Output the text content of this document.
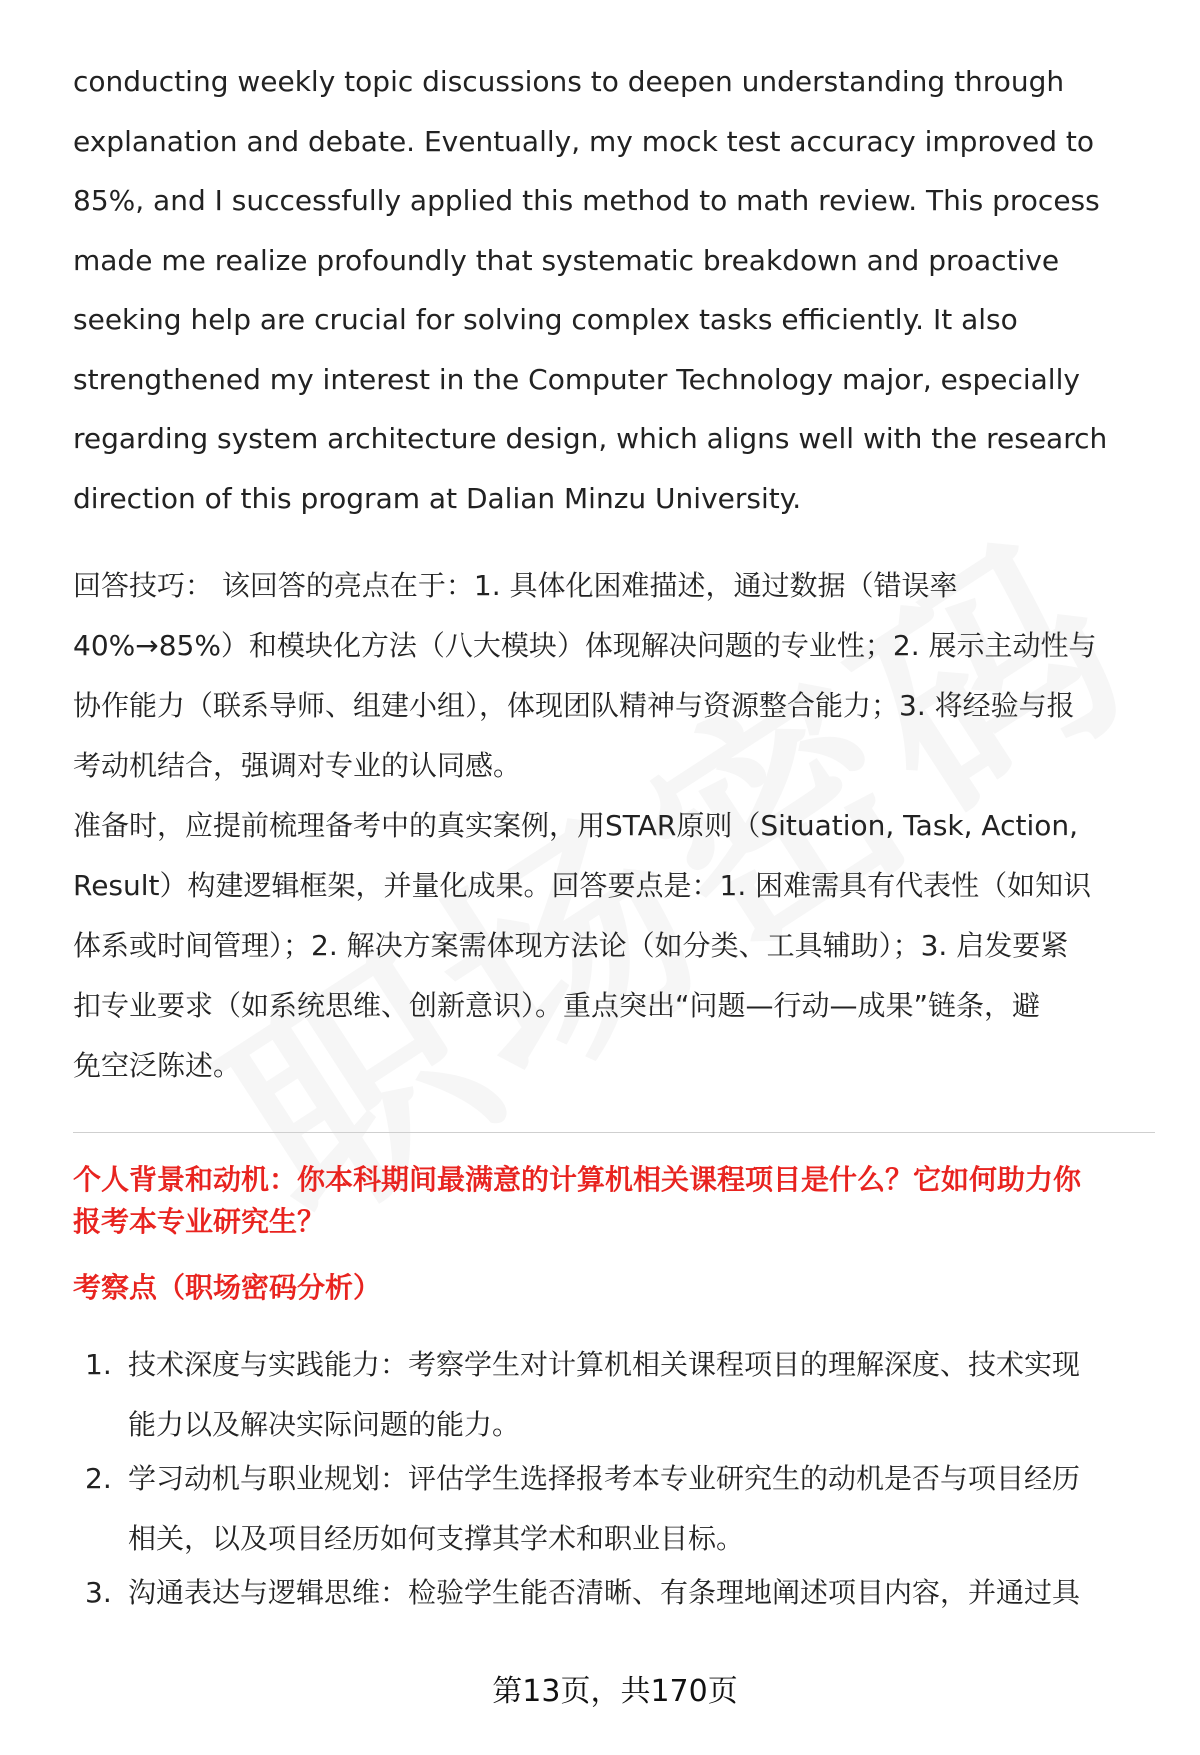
conducting weekly topic discussions to deepen understanding through
explanation and debate. Eventually, my mock test accuracy improved to
85%, and I successfully applied this method to math review. This process
made me realize profoundly that systematic breakdown and proactive
seeking help are crucial for solving complex tasks efficiently. It also
strengthened my interest in the Computer Technology major, especially
regarding system architecture design, which aligns well with the research
direction of this program at Dalian Minzu University.
回答技巧： 该回答的亮点在于：1. 具体化困难描述，通过数据（错误率
40%→85%）和模块化方法（八大模块）体现解决问题的专业性；2. 展示主动性与
协作能力（联系导师、组建小组），体现团队精神与资源整合能力；3. 将经验与报
考动机结合，强调对专业的认同感。
准备时，应提前梳理备考中的真实案例，用STAR原则（Situation, Task, Action,
Result）构建逻辑框架，并量化成果。回答要点是：1. 困难需具有代表性（如知识
体系或时间管理）；2. 解决方案需体现方法论（如分类、工具辅助）；3. 启发要紧
扣专业要求（如系统思维、创新意识）。重点突出“问题—行动—成果”链条，避
免空泛陈述。
个人背景和动机：你本科期间最满意的计算机相关课程项目是什么？它如何助力你
报考本专业研究生？
考察点（职场密码分析）
1. 技术深度与实践能力：考察学生对计算机相关课程项目的理解深度、技术实现
能力以及解决实际问题的能力。
2. 学习动机与职业规划：评估学生选择报考本专业研究生的动机是否与项目经历
相关，以及项目经历如何支撑其学术和职业目标。
3. 沟通表达与逻辑思维：检验学生能否清晰、有条理地阐述项目内容，并通过具
第13页，共170页
